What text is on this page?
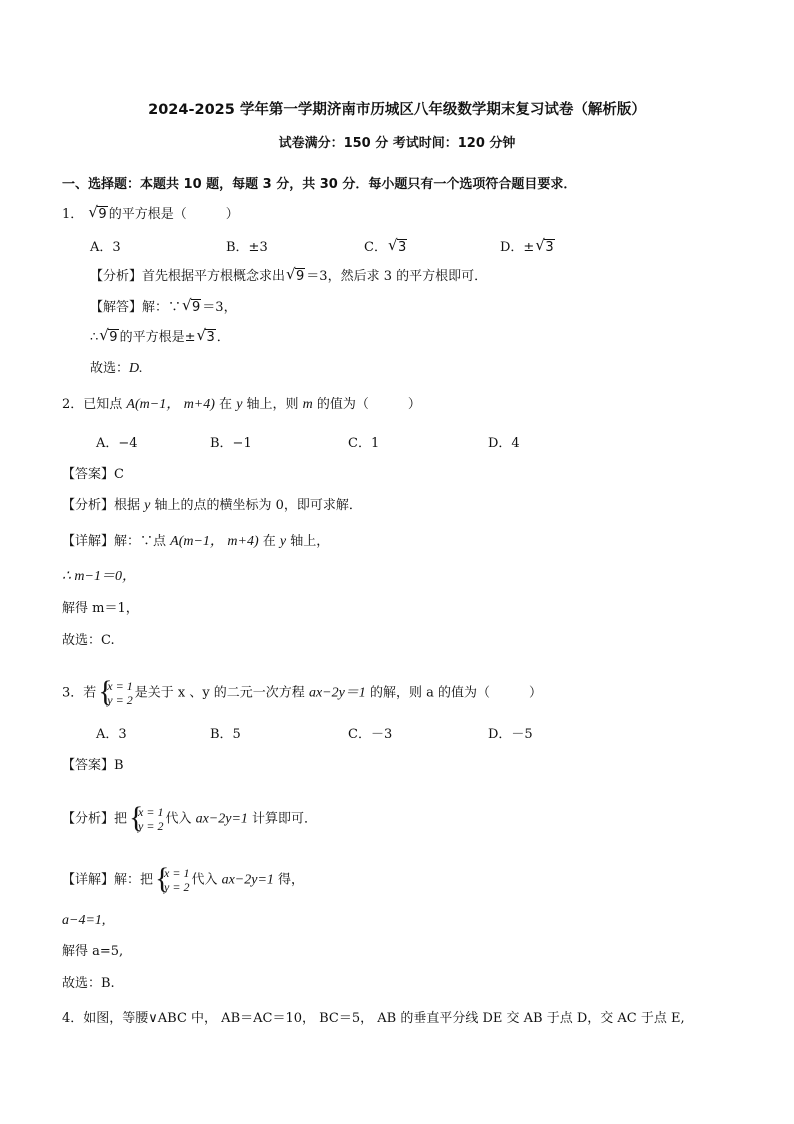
2024-2025 学年第一学期济南市历城区八年级数学期末复习试卷（解析版）
试卷满分：150 分 考试时间：120 分钟
一、选择题：本题共 10 题，每题 3 分，共 30 分．每小题只有一个选项符合题目要求．
1． √ 9 的平方根是（　　　）
A．3	B．±3	C． √ 3	D．± √ 3
【分析】首先根据平方根概念求出 √ 9 ＝3，然后求 3 的平方根即可．
【解答】解：∵ √ 9 ＝3，
∴ √ 9 的平方根是± √ 3 ．
故选：D.
2．已知点 A(m−1， m+4) 在 y 轴上，则 m 的值为（　　　）
A．−4	B．−1	C．1	D．4
【答案】C
【分析】根据 y 轴上的点的横坐标为 0，即可求解．
【详解】解：∵点 A(m−1， m+4) 在 y 轴上，
∴ m−1＝0，
解得 m＝1，
故选：C.
3．若 {
x = 1
y = 2 是关于 x 、y 的二元一次方程 ax−2y＝1 的解，则 a 的值为（　　　）
A．3	B．5	C．－3	D．－5
【答案】B
【分析】把 {
x = 1
y = 2 代入 ax−2y=1 计算即可．
【详解】解：把 {
x = 1
y = 2 代入 ax−2y=1 得，
a−4=1,
解得 a=5,
故选：B.
4．如图，等腰∨ABC 中， AB＝AC＝10， BC＝5， AB 的垂直平分线 DE 交 AB 于点 D，交 AC 于点 E,
